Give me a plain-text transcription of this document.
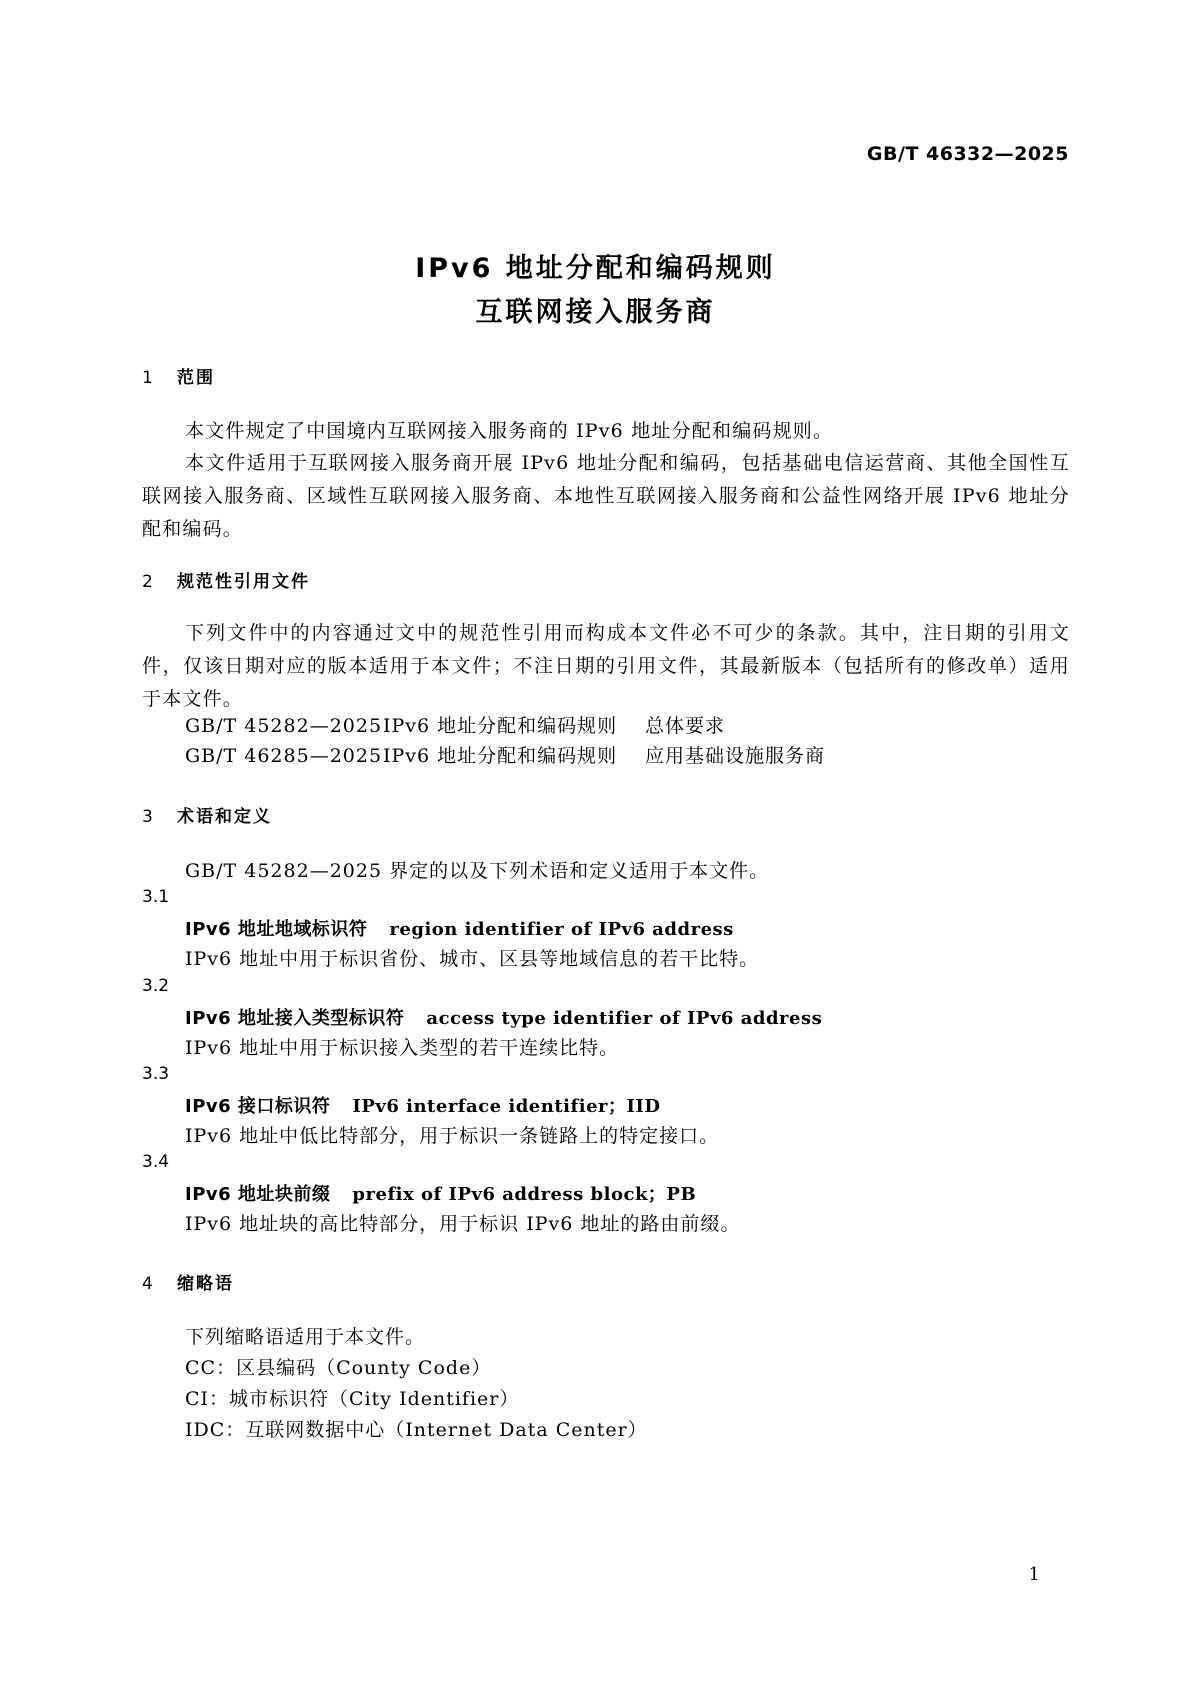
GB/T 46332—2025
IPv6 地址分配和编码规则
互联网接入服务商
1 范围
本文件规定了中国境内互联网接入服务商的 IPv6 地址分配和编码规则。
本文件适用于互联网接入服务商开展 IPv6 地址分配和编码，包括基础电信运营商、其他全国性互联网接入服务商、区域性互联网接入服务商、本地性互联网接入服务商和公益性网络开展 IPv6 地址分配和编码。
2 规范性引用文件
下列文件中的内容通过文中的规范性引用而构成本文件必不可少的条款。其中，注日期的引用文件，仅该日期对应的版本适用于本文件；不注日期的引用文件，其最新版本（包括所有的修改单）适用于本文件。
GB/T 45282—2025IPv6 地址分配和编码规则 总体要求
GB/T 46285—2025IPv6 地址分配和编码规则 应用基础设施服务商
3 术语和定义
GB/T 45282—2025 界定的以及下列术语和定义适用于本文件。
3.1
IPv6 地址地域标识符 region identifier of IPv6 address
IPv6 地址中用于标识省份、城市、区县等地域信息的若干比特。
3.2
IPv6 地址接入类型标识符 access type identifier of IPv6 address
IPv6 地址中用于标识接入类型的若干连续比特。
3.3
IPv6 接口标识符 IPv6 interface identifier；IID
IPv6 地址中低比特部分，用于标识一条链路上的特定接口。
3.4
IPv6 地址块前缀 prefix of IPv6 address block；PB
IPv6 地址块的高比特部分，用于标识 IPv6 地址的路由前缀。
4 缩略语
下列缩略语适用于本文件。
CC：区县编码（County Code）
CI：城市标识符（City Identifier）
IDC：互联网数据中心（Internet Data Center）
1
